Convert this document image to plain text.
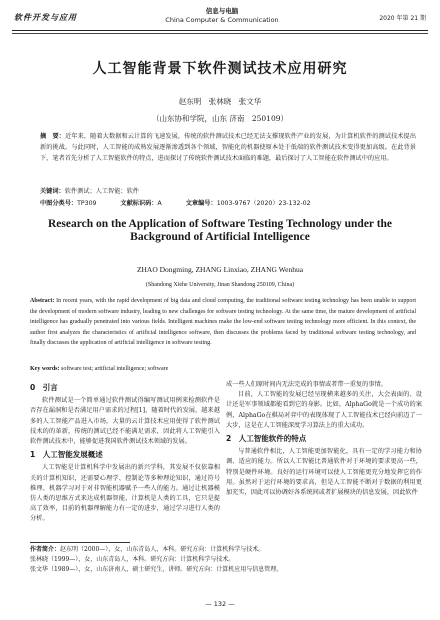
软件开发与应用
信息与电脑
China Computer & Communication	2020 年第 21 期
人工智能背景下软件测试技术应用研究
赵东明　张林晓　张文华
（山东协和学院，山东 济南　250109）
摘　要：近年来，随着大数据和云计算的飞速发展，传统的软件测试技术已经无法支撑现软件产业的发展，为计算机软件的测试技术提出新的挑战。与此同时，人工智能的成熟发展逐渐渗透到各个领域，智能化的机器使原本处于低端的软件测试技术变得更加高级。在此背景下，笔者首先分析了人工智能软件的特点，进而探讨了传统软件测试技术面临的难题，最后探讨了人工智能在软件测试中的应用。
关键词：软件测试；人工智能；软件
中图分类号：TP309	文献标识码：A	文章编号：1003-9767（2020）23-132-02
Research on the Application of Software Testing Technology under the Background of Artificial Intelligence
ZHAO Dongming, ZHANG Linxiao, ZHANG Wenhua
(Shandong Xiehe University, Jinan Shandong 250109, China)
Abstract: In recent years, with the rapid development of big data and cloud computing, the traditional software testing technology has been unable to support the development of modern software industry, leading to new challenges for software testing technology. At the same time, the mature development of artificial intelligence has gradually penetrated into various fields. Intelligent machines make the low-end software testing technology more efficient. In this context, the author first analyzes the characteristics of artificial intelligence software, then discusses the problems faced by traditional software testing technology, and finally discusses the application of artificial intelligence in software testing.
Key words: software test; artificial intelligence; software
0　引言

软件测试是一个简单通过软件测试得编写测试用例来检测软件是否存在漏洞和是否满足用户需求的过程[1]，随着时代的发展，越来越多的人工智能产品进入市场，大量的云计算技术应用使得了软件测试技术的的革新，传统的测试已经不能满足需求，因此将人工智能引入软件测试技术中，能够促进我国软件测试技术领域的发展。

1　人工智能发展概述

人工智能是计算机科学中发展出的新兴学科，其发展不仅依靠相关的计算机知识，还需要心理学、控制论等多种理论知识，通过符号推理、机器学习对于对非智能机器赋予一些人的能力。通过让机器模仿人类的思维方式来达成机器智能，计算机是人类的工具，它只是提高了效率，目前的机器理解能力有一定的进步，通过学习进行人类的分析。

成一些人们原时间内无法完成的事情或者带一重复的事情。

目前，人工智能的发展已经呈现横来越多的关注，大会表面的、设计还是军事领域都能看到它的身影。比如，AlphaGo就是一个成功的案例，AlphaGo在棋局对弈中的表现体现了人工智能技术已经向前迈了一大步，这是在人工智能深度学习算法上的重大成功。

2　人工智能软件的特点

与普通软件相比，人工智能更加智能化，具有一定的学习能力和协调、适应的能力。所以人工智能比普通软件对于环境的要求更高一些，特别是硬件环境。良好的运行环境可以使人工智能更充分地发挥它的作用。虽然对于运行环境的要求高，但是人工智能不断对于数据的利用更加充实，因此可以协调好各系统间或者扩展模块的信息发展，因此软件

作者简介：赵东明（2000—），女，山东青岛人，本科。研究方向：计算机科学与技术。
张林晓（1999—），女，山东青岛人，本科。研究方向：计算机科学与技术。
张文华（1989—），女，山东济南人，硕士研究生，讲师。研究方向：计算机应用与信息管理。
— 132 —
